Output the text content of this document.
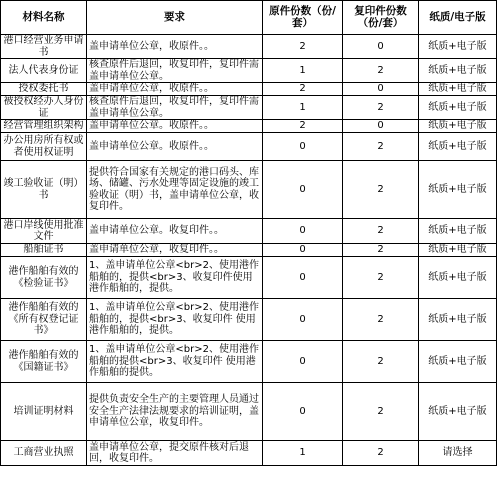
材料名称	要求	原件份数（份/套）	复印件份数（份/套）	纸质/电子版
港口经营业务申请书	盖申请单位公章，收原件。。	2	0	纸质+电子版
法人代表身份证	核查原件后退回，收复印件，复印件需盖申请单位公章。	1	2	纸质+电子版
授权委托书	盖申请单位公章，收原件。。	2	0	纸质+电子版
被授权经办人身份证	核查原件后退回，收复印件，复印件需盖申请单位公章。	1	2	纸质+电子版
经营管理组织架构	盖申请单位公章。收原件。。	2	0	纸质+电子版
办公用房所有权或者使用权证明	盖申请单位公章。收原件。。	0	2	纸质+电子版
竣工验收证（明）书	提供符合国家有关规定的港口码头、库场、储罐、污水处理等固定设施的竣工验收证（明）书，盖申请单位公章，收复印件。	0	2	纸质+电子版
港口岸线使用批准文件	盖申请单位公章。收复印件。。	0	2	纸质+电子版
船舶证书	盖申请单位公章，收复印件。。	0	2	纸质+电子版
港作船舶有效的《检验证书》	1、盖申请单位公章<br>2、使用港作船舶的，提供<br>3、收复印件使用港作船舶的，提供。	0	2	纸质+电子版
港作船舶有效的《所有权登记证书》	1、盖申请单位公章<br>2、使用港作船舶的，提供<br>3、收复印件 使用港作船舶的，提供。	0	2	纸质+电子版
港作船舶有效的《国籍证书》	1、盖申请单位公章<br>2、使用港作船舶的提供<br>3、收复印件 使用港作船舶的提供。	0	2	纸质+电子版
培训证明材料	提供负责安全生产的主要管理人员通过安全生产法律法规要求的培训证明，盖申请单位公章，收复印件。	0	2	纸质+电子版
工商营业执照	盖申请单位公章，提交原件核对后退回，收复印件。	1	2	请选择
